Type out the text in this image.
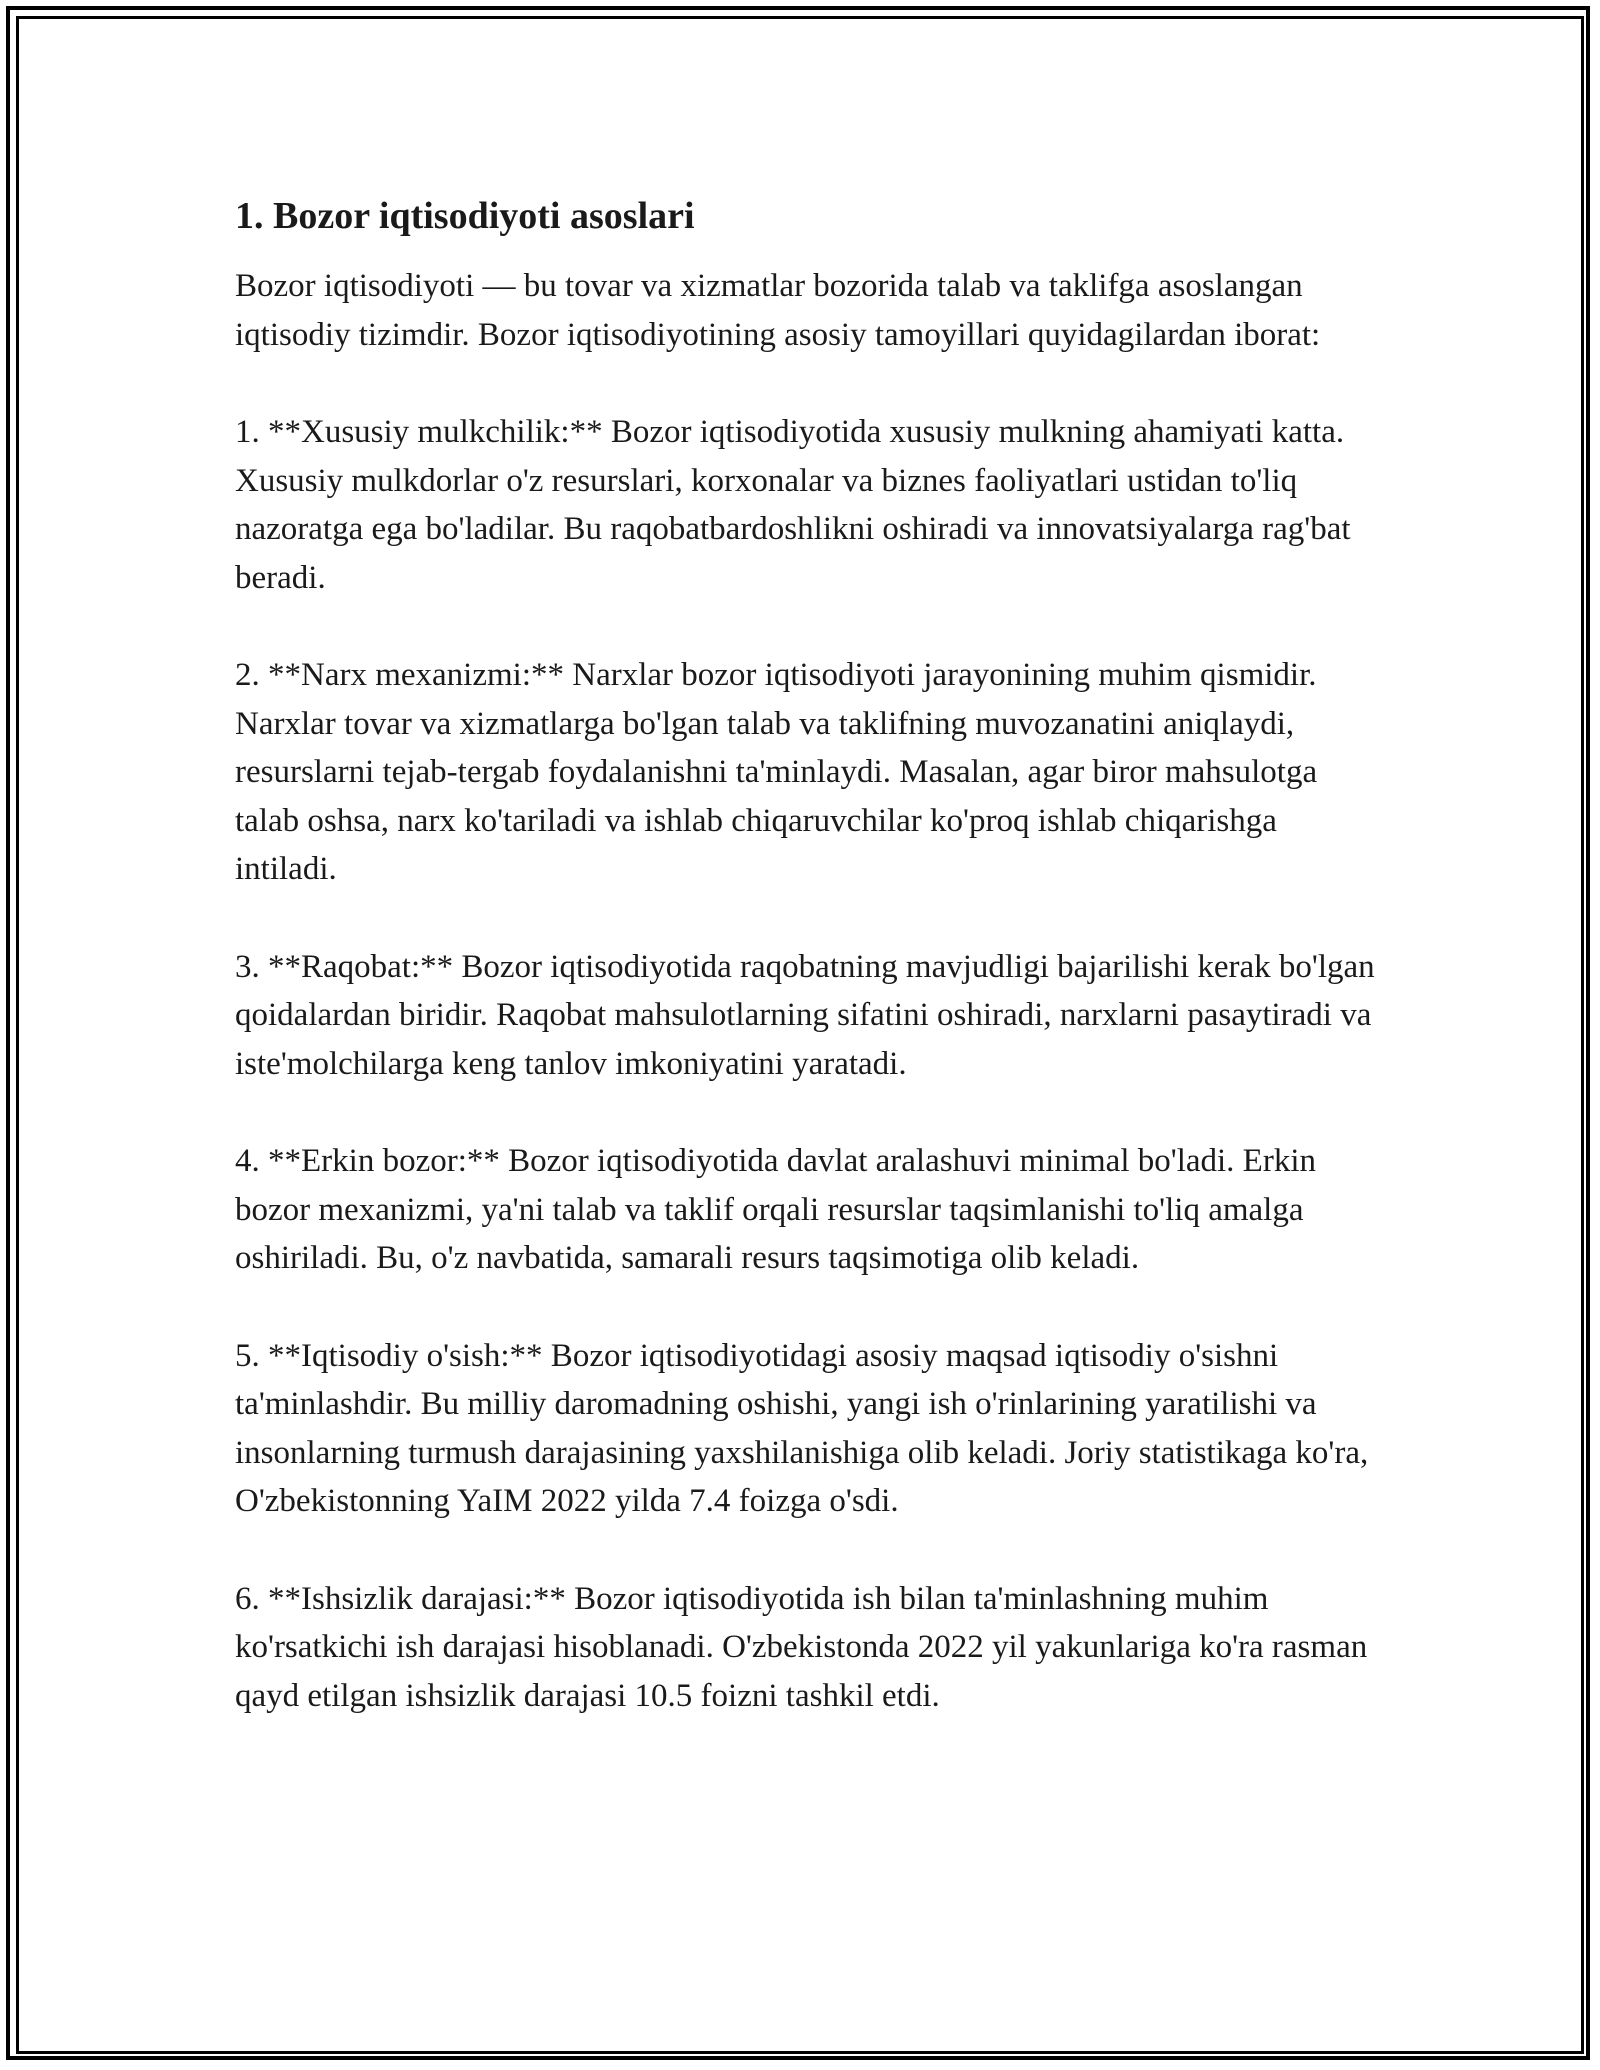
1. Bozor iqtisodiyoti asoslari

Bozor iqtisodiyoti — bu tovar va xizmatlar bozorida talab va taklifga asoslangan iqtisodiy tizimdir. Bozor iqtisodiyotining asosiy tamoyillari quyidagilardan iborat:

1. **Xususiy mulkchilik:** Bozor iqtisodiyotida xususiy mulkning ahamiyati katta. Xususiy mulkdorlar o'z resurslari, korxonalar va biznes faoliyatlari ustidan to'liq nazoratga ega bo'ladilar. Bu raqobatbardoshlikni oshiradi va innovatsiyalarga rag'bat beradi.

2. **Narx mexanizmi:** Narxlar bozor iqtisodiyoti jarayonining muhim qismidir. Narxlar tovar va xizmatlarga bo'lgan talab va taklifning muvozanatini aniqlaydi, resurslarni tejab-tergab foydalanishni ta'minlaydi. Masalan, agar biror mahsulotga talab oshsa, narx ko'tariladi va ishlab chiqaruvchilar ko'proq ishlab chiqarishga intiladi.

3. **Raqobat:** Bozor iqtisodiyotida raqobatning mavjudligi bajarilishi kerak bo'lgan qoidalardan biridir. Raqobat mahsulotlarning sifatini oshiradi, narxlarni pasaytiradi va iste'molchilarga keng tanlov imkoniyatini yaratadi.

4. **Erkin bozor:** Bozor iqtisodiyotida davlat aralashuvi minimal bo'ladi. Erkin bozor mexanizmi, ya'ni talab va taklif orqali resurslar taqsimlanishi to'liq amalga oshiriladi. Bu, o'z navbatida, samarali resurs taqsimotiga olib keladi.

5. **Iqtisodiy o'sish:** Bozor iqtisodiyotidagi asosiy maqsad iqtisodiy o'sishni ta'minlashdir. Bu milliy daromadning oshishi, yangi ish o'rinlarining yaratilishi va insonlarning turmush darajasining yaxshilanishiga olib keladi. Joriy statistikaga ko'ra, O'zbekistonning YaIM 2022 yilda 7.4 foizga o'sdi.

6. **Ishsizlik darajasi:** Bozor iqtisodiyotida ish bilan ta'minlashning muhim ko'rsatkichi ish darajasi hisoblanadi. O'zbekistonda 2022 yil yakunlariga ko'ra rasman qayd etilgan ishsizlik darajasi 10.5 foizni tashkil etdi.
